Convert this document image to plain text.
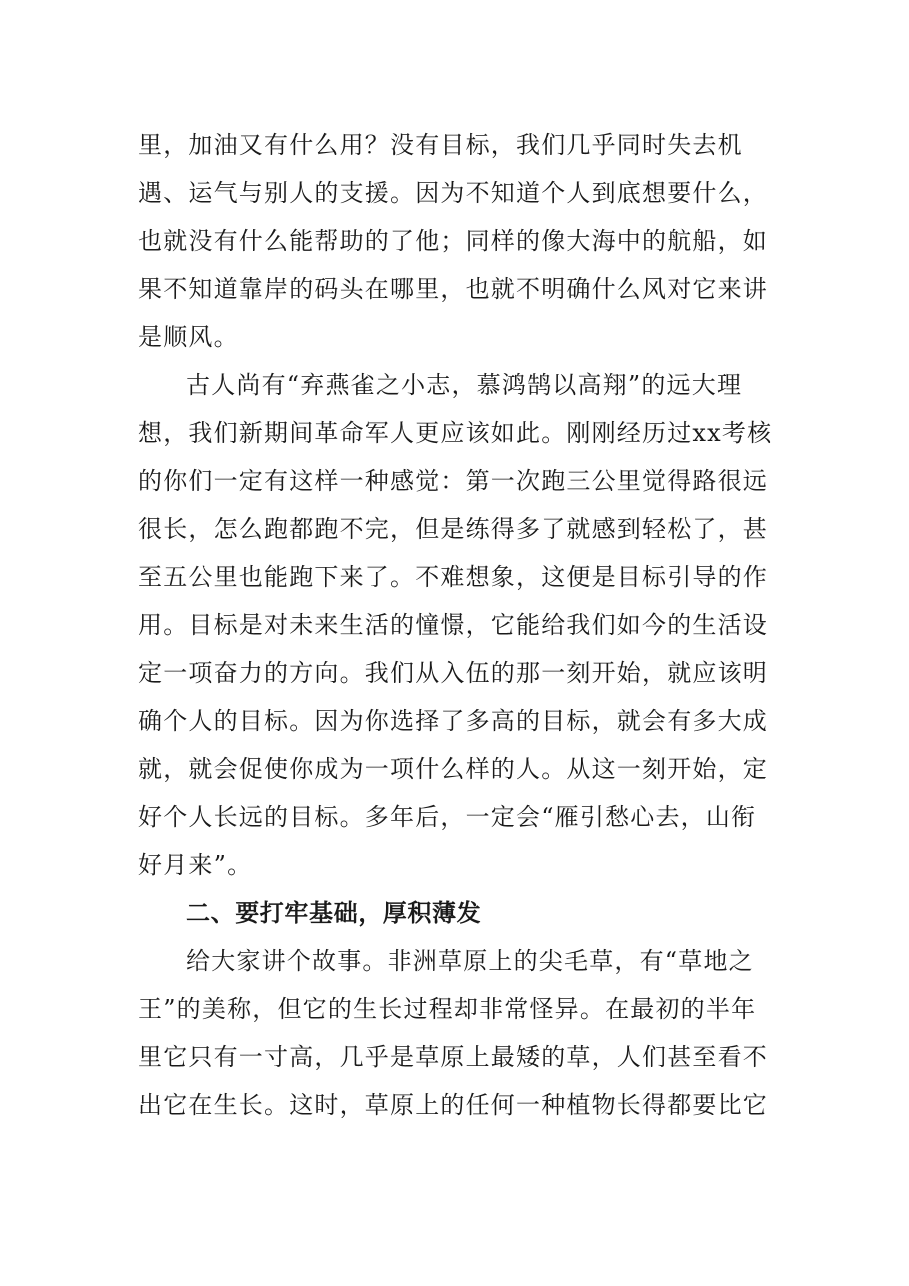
里，加油又有什么用？没有目标，我们几乎同时失去机
遇、运气与别人的支援。因为不知道个人到底想要什么，
也就没有什么能帮助的了他；同样的像大海中的航船，如
果不知道靠岸的码头在哪里，也就不明确什么风对它来讲
是顺风。
古人尚有“弃燕雀之小志，慕鸿鹄以高翔”的远大理
想，我们新期间革命军人更应该如此。刚刚经历过xx考核
的你们一定有这样一种感觉：第一次跑三公里觉得路很远
很长，怎么跑都跑不完，但是练得多了就感到轻松了，甚
至五公里也能跑下来了。不难想象，这便是目标引导的作
用。目标是对未来生活的憧憬，它能给我们如今的生活设
定一项奋力的方向。我们从入伍的那一刻开始，就应该明
确个人的目标。因为你选择了多高的目标，就会有多大成
就，就会促使你成为一项什么样的人。从这一刻开始，定
好个人长远的目标。多年后，一定会“雁引愁心去，山衔
好月来”。
二、要打牢基础，厚积薄发
给大家讲个故事。非洲草原上的尖毛草，有“草地之
王”的美称，但它的生长过程却非常怪异。在最初的半年
里它只有一寸高，几乎是草原上最矮的草，人们甚至看不
出它在生长。这时，草原上的任何一种植物长得都要比它
